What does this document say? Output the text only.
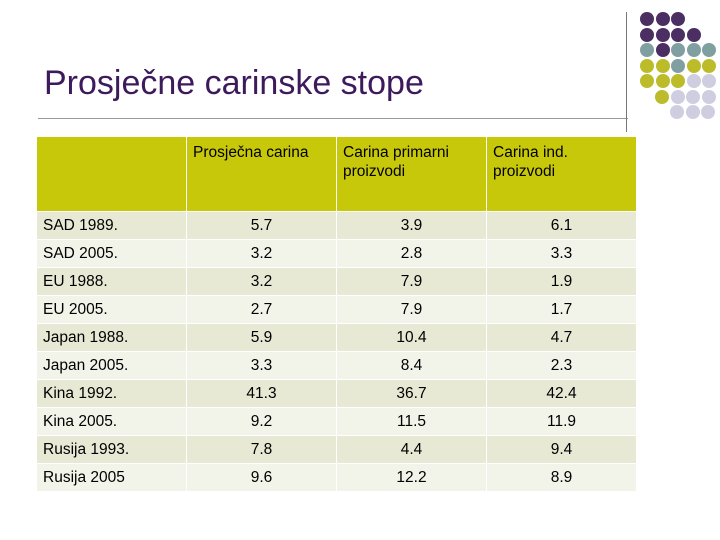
Prosječne carinske stope
	Prosječna carina	Carina primarni proizvodi	Carina ind. proizvodi
SAD 1989.	5.7	3.9	6.1
SAD 2005.	3.2	2.8	3.3
EU 1988.	3.2	7.9	1.9
EU 2005.	2.7	7.9	1.7
Japan 1988.	5.9	10.4	4.7
Japan 2005.	3.3	8.4	2.3
Kina 1992.	41.3	36.7	42.4
Kina 2005.	9.2	11.5	11.9
Rusija 1993.	7.8	4.4	9.4
Rusija 2005	9.6	12.2	8.9
